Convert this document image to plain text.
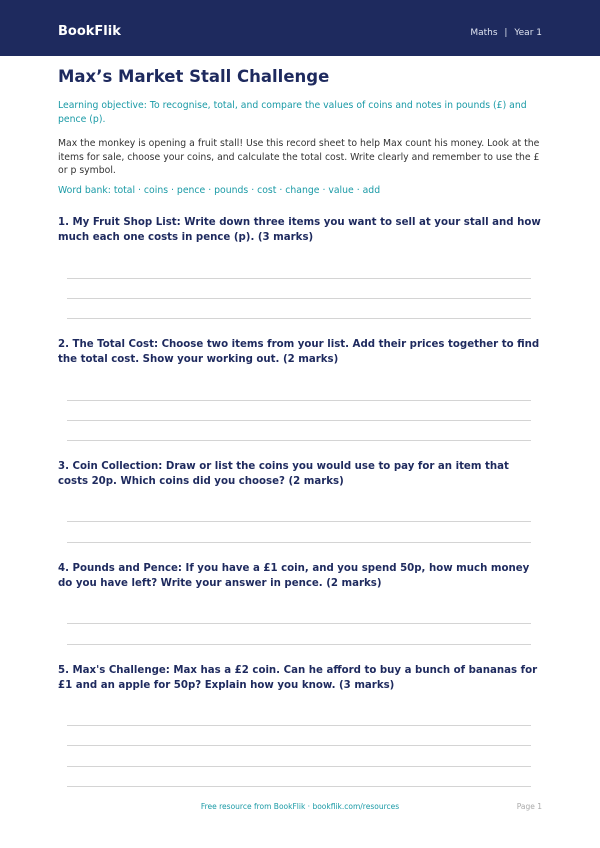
BookFlik	Maths | Year 1
Max’s Market Stall Challenge
Learning objective: To recognise, total, and compare the values of coins and notes in pounds (£) and pence (p).
Max the monkey is opening a fruit stall! Use this record sheet to help Max count his money. Look at the items for sale, choose your coins, and calculate the total cost. Write clearly and remember to use the £ or p symbol.
Word bank: total · coins · pence · pounds · cost · change · value · add
1. My Fruit Shop List: Write down three items you want to sell at your stall and how much each one costs in pence (p). (3 marks)
2. The Total Cost: Choose two items from your list. Add their prices together to find the total cost. Show your working out. (2 marks)
3. Coin Collection: Draw or list the coins you would use to pay for an item that costs 20p. Which coins did you choose? (2 marks)
4. Pounds and Pence: If you have a £1 coin, and you spend 50p, how much money do you have left? Write your answer in pence. (2 marks)
5. Max's Challenge: Max has a £2 coin. Can he afford to buy a bunch of bananas for £1 and an apple for 50p? Explain how you know. (3 marks)
Free resource from BookFlik · bookflik.com/resources	Page 1
